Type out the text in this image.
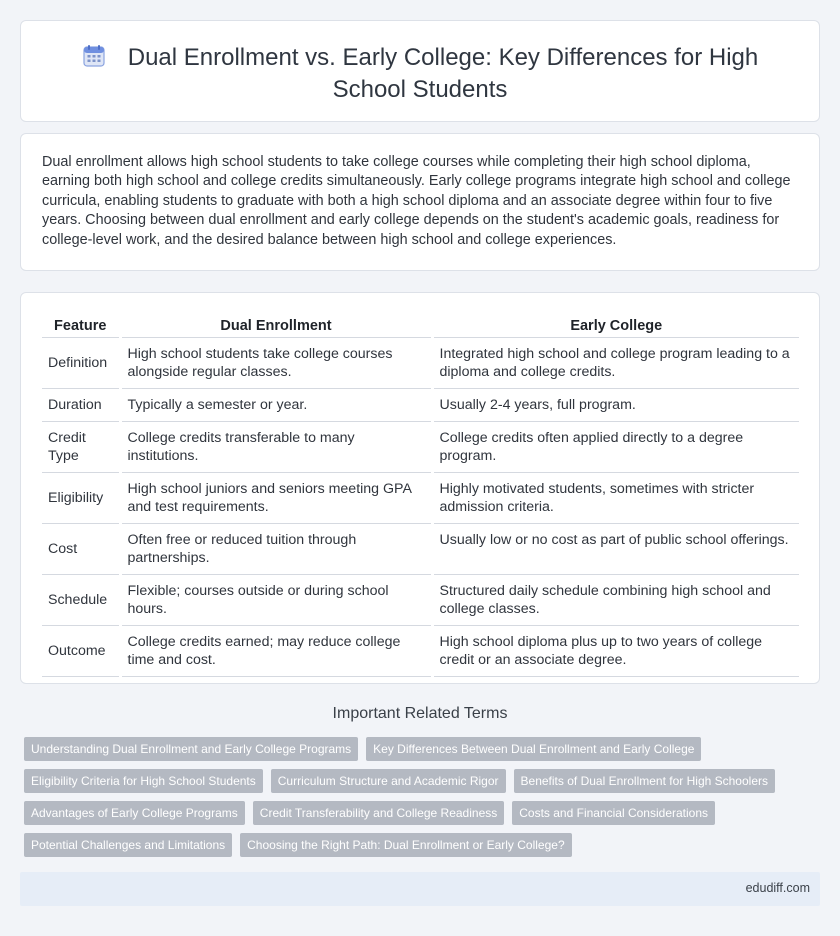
Dual Enrollment vs. Early College: Key Differences for High School Students

Dual enrollment allows high school students to take college courses while completing their high school diploma, earning both high school and college credits simultaneously. Early college programs integrate high school and college curricula, enabling students to graduate with both a high school diploma and an associate degree within four to five years. Choosing between dual enrollment and early college depends on the student's academic goals, readiness for college-level work, and the desired balance between high school and college experiences.

Feature	Dual Enrollment	Early College
Definition	High school students take college courses alongside regular classes.	Integrated high school and college program leading to a diploma and college credits.
Duration	Typically a semester or year.	Usually 2-4 years, full program.
Credit Type	College credits transferable to many institutions.	College credits often applied directly to a degree program.
Eligibility	High school juniors and seniors meeting GPA and test requirements.	Highly motivated students, sometimes with stricter admission criteria.
Cost	Often free or reduced tuition through partnerships.	Usually low or no cost as part of public school offerings.
Schedule	Flexible; courses outside or during school hours.	Structured daily schedule combining high school and college classes.
Outcome	College credits earned; may reduce college time and cost.	High school diploma plus up to two years of college credit or an associate degree.
Important Related Terms
Understanding Dual Enrollment and Early College Programs	Key Differences Between Dual Enrollment and Early College
Eligibility Criteria for High School Students	Curriculum Structure and Academic Rigor	Benefits of Dual Enrollment for High Schoolers
Advantages of Early College Programs	Credit Transferability and College Readiness	Costs and Financial Considerations
Potential Challenges and Limitations	Choosing the Right Path: Dual Enrollment or Early College?
edudiff.com
